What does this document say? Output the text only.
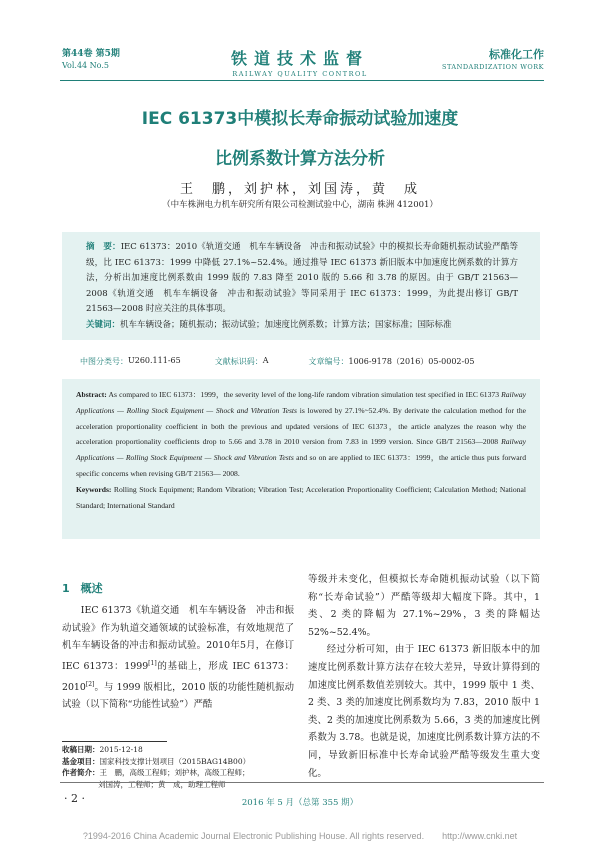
第44卷 第5期
Vol.44 No.5	铁道技术监督
RAILWAY QUALITY CONTROL
标准化工作
STANDARDIZATION WORK
IEC 61373中模拟长寿命振动试验加速度
比例系数计算方法分析
王　鹏，刘护林，刘国涛，黄　成
（中车株洲电力机车研究所有限公司检测试验中心，湖南 株洲 412001）
摘　要：IEC 61373：2010《轨道交通　机车车辆设备　冲击和振动试验》中的模拟长寿命随机振动试验严酷等级，比 IEC 61373：1999 中降低 27.1%~52.4%。通过推导 IEC 61373 新旧版本中加速度比例系数的计算方法，分析出加速度比例系数由 1999 版的 7.83 降至 2010 版的 5.66 和 3.78 的原因。由于 GB/T 21563—2008《轨道交通　机车车辆设备　冲击和振动试验》等同采用于 IEC 61373：1999，为此提出修订 GB/T 21563—2008 时应关注的具体事项。
关键词：机车车辆设备；随机振动；振动试验；加速度比例系数；计算方法；国家标准；国际标准
中图分类号： U260.111-65	文献标识码： A	文章编号： 1006-9178（2016）05-0002-05
Abstract: As compared to IEC 61373：1999，the severity level of the long-life random vibration simulation test specified in IEC 61373 Railway Applications — Rolling Stock Equipment — Shock and Vibration Tests is lowered by 27.1%~52.4%. By derivate the calculation method for the acceleration proportionality coefficient in both the previous and updated versions of IEC 61373，the article analyzes the reason why the acceleration proportionality coefficients drop to 5.66 and 3.78 in 2010 version from 7.83 in 1999 version. Since GB/T 21563—2008 Railway Applications — Rolling Stock Equipment — Shock and Vibration Tests and so on are applied to IEC 61373：1999，the article thus puts forward specific concerns when revising GB/T 21563— 2008.
Keywords: Rolling Stock Equipment; Random Vibration; Vibration Test; Acceleration Proportionality Coefficient; Calculation Method; National Standard; International Standard
1　概述

IEC 61373《轨道交通　机车车辆设备　冲击和振动试验》作为轨道交通领域的试验标准，有效地规范了机车车辆设备的冲击和振动试验。2010年5月，在修订 IEC 61373：1999[1]的基础上，形成 IEC 61373：2010[2]。与 1999 版相比，2010 版的功能性随机振动试验（以下简称“功能性试验”）严酷

等级并未变化，但模拟长寿命随机振动试验（以下简称“长寿命试验”）严酷等级却大幅度下降。其中，1 类、2 类的降幅为 27.1%~29%，3 类的降幅达 52%~52.4%。

经过分析可知，由于 IEC 61373 新旧版本中的加速度比例系数计算方法存在较大差异，导致计算得到的加速度比例系数值差别较大。其中，1999 版中 1 类、2 类、3 类的加速度比例系数均为 7.83，2010 版中 1 类、2 类的加速度比例系数为 5.66，3 类的加速度比例系数为 3.78。也就是说，加速度比例系数计算方法的不同，导致新旧标准中长寿命试验严酷等级发生重大变化。

收稿日期：2015-12-18
基金项目：国家科技支撑计划项目（2015BAG14B00）
作者简介：王　鹏，高级工程师；刘护林，高级工程师；
刘国涛，工程师；黄　成，助理工程师
· 2 ·	2016 年 5 月（总第 355 期）
?1994-2016 China Academic Journal Electronic Publishing House. All rights reserved.　　http://www.cnki.net
